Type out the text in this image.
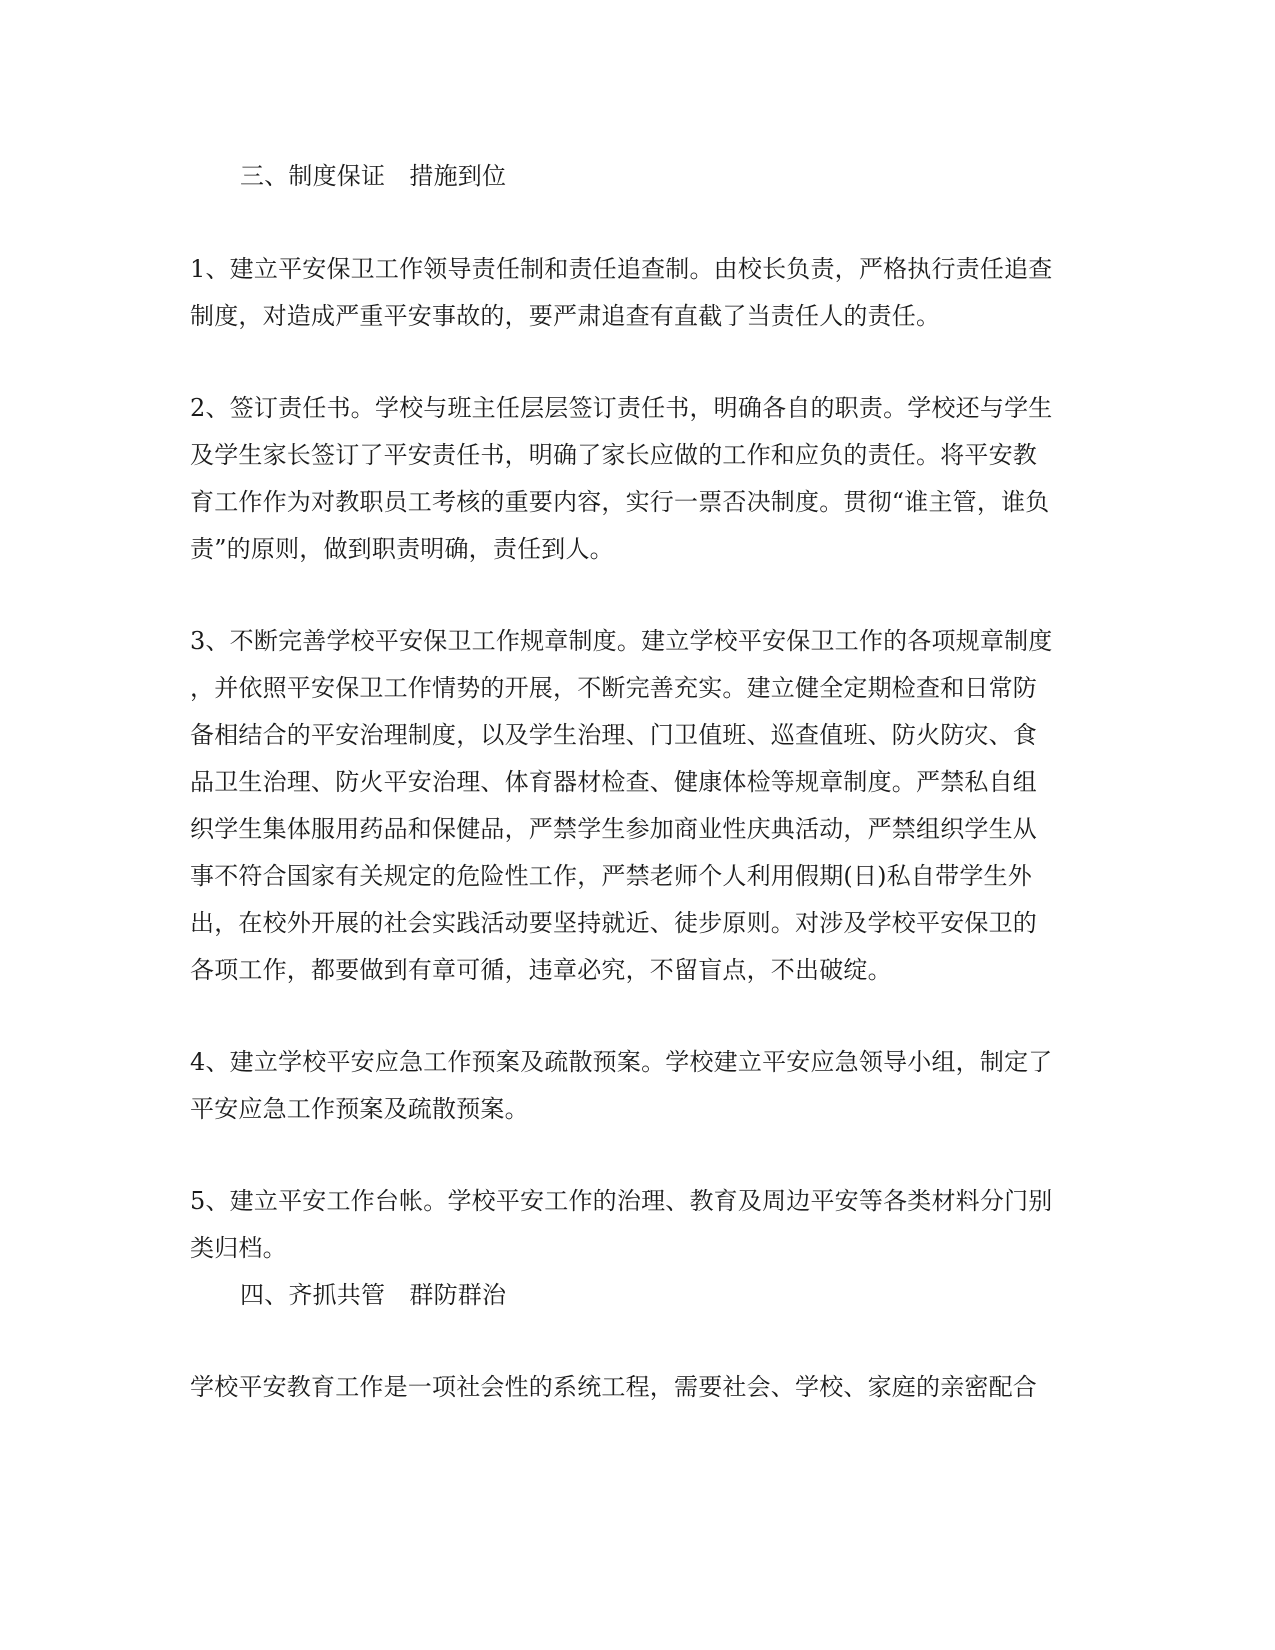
三、制度保证　措施到位
1、建立平安保卫工作领导责任制和责任追查制。由校长负责，严格执行责任追查
制度，对造成严重平安事故的，要严肃追查有直截了当责任人的责任。
2、签订责任书。学校与班主任层层签订责任书，明确各自的职责。学校还与学生
及学生家长签订了平安责任书，明确了家长应做的工作和应负的责任。将平安教
育工作作为对教职员工考核的重要内容，实行一票否决制度。贯彻“谁主管，谁负
责”的原则，做到职责明确，责任到人。
3、不断完善学校平安保卫工作规章制度。建立学校平安保卫工作的各项规章制度
，并依照平安保卫工作情势的开展，不断完善充实。建立健全定期检查和日常防
备相结合的平安治理制度，以及学生治理、门卫值班、巡查值班、防火防灾、食
品卫生治理、防火平安治理、体育器材检查、健康体检等规章制度。严禁私自组
织学生集体服用药品和保健品，严禁学生参加商业性庆典活动，严禁组织学生从
事不符合国家有关规定的危险性工作，严禁老师个人利用假期(日)私自带学生外
出，在校外开展的社会实践活动要坚持就近、徒步原则。对涉及学校平安保卫的
各项工作，都要做到有章可循，违章必究，不留盲点，不出破绽。
4、建立学校平安应急工作预案及疏散预案。学校建立平安应急领导小组，制定了
平安应急工作预案及疏散预案。
5、建立平安工作台帐。学校平安工作的治理、教育及周边平安等各类材料分门别
类归档。
四、齐抓共管　群防群治
学校平安教育工作是一项社会性的系统工程，需要社会、学校、家庭的亲密配合
